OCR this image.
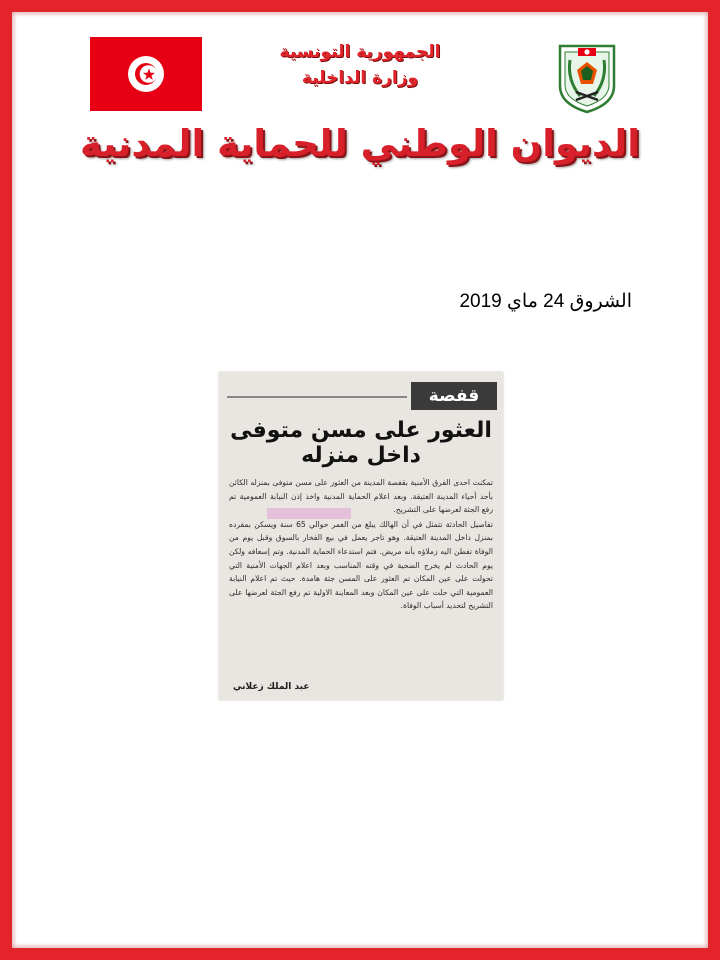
الجمهورية التونسية
وزارة الداخلية
الديوان الوطني للحماية المدنية
الشروق 24 ماي 2019
قفصة
العثور على مسن متوفى داخل منزله

تمكنت احدى الفرق الأمنية بقفصة المدينة من العثور على مسن متوفى بمنزله الكائن بأحد أحياء المدينة العتيقة. وبعد اعلام الحماية المدنية واخذ إذن النيابة العمومية تم رفع الجثة لعرضها على التشريح.

تفاصيل الحادثة تتمثل في أن الهالك يبلغ من العمر حوالي 65 سنة ويسكن بمفرده بمنزل داخل المدينة العتيقة. وهو تاجر يعمل في بيع الفخار بالسوق وقبل يوم من الوفاة تفطن اليه زملاؤه بأنه مريض. فتم استدعاء الحماية المدنية. وتم إسعافه ولكن يوم الحادث لم يخرج الضحية في وقته المناسب وبعد اعلام الجهات الأمنية التي تحولت على عين المكان تم العثور على المسن جثة هامدة. حيث تم اعلام النيابة العمومية التي حلت على عين المكان وبعد المعاينة الاولية تم رفع الجثة لعرضها على التشريح لتحديد أسباب الوفاة.

عبد الملك زعلاني
